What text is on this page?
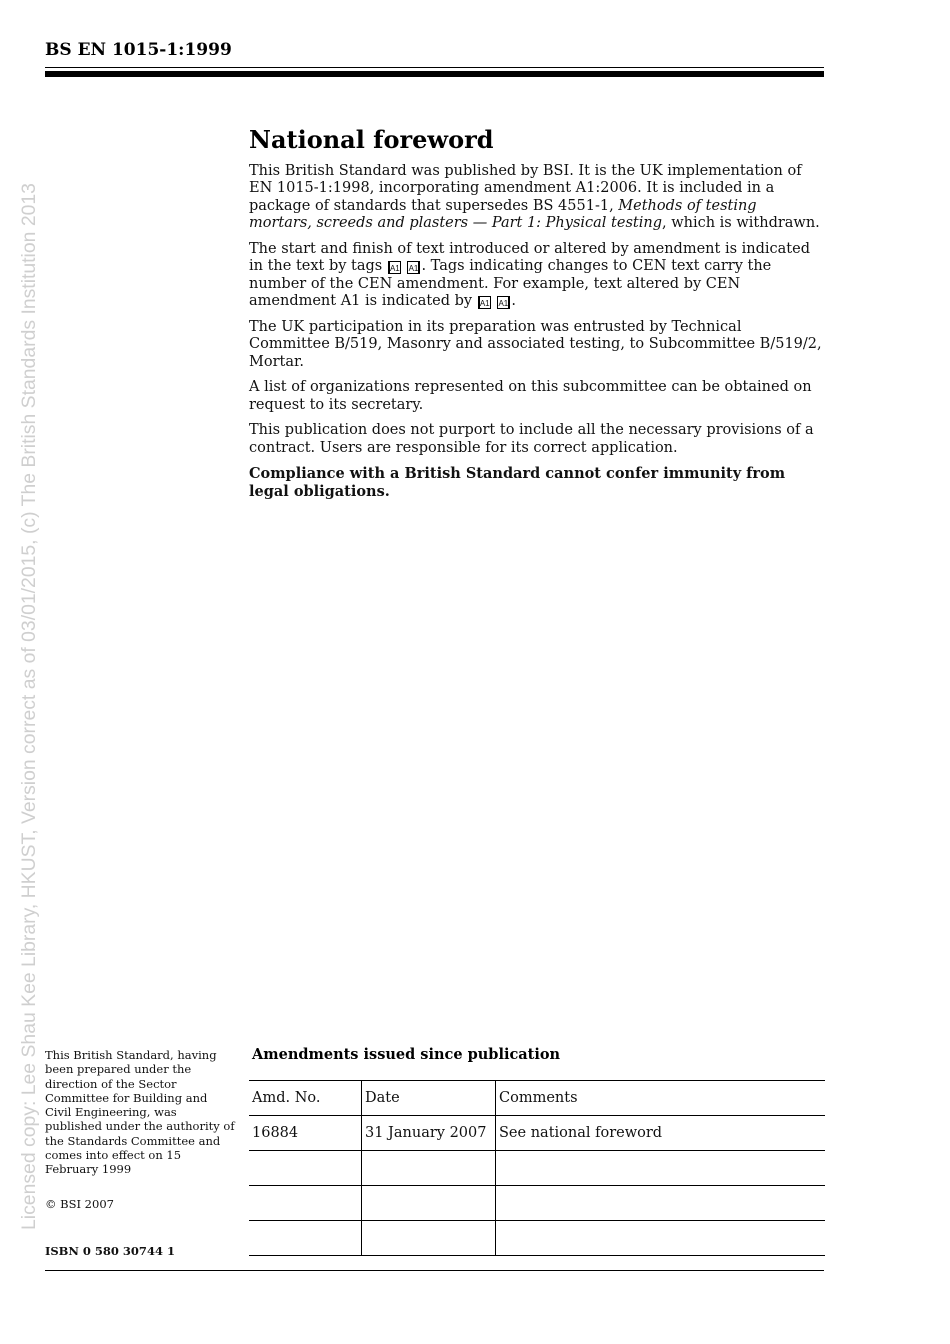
BS EN 1015-1:1999
Licensed copy: Lee Shau Kee Library, HKUST, Version correct as of 03/01/2015, (c) The British Standards Institution 2013
National foreword

This British Standard was published by BSI. It is the UK implementation of EN 1015-1:1998, incorporating amendment A1:2006. It is included in a package of standards that supersedes BS 4551-1, Methods of testing mortars, screeds and plasters — Part 1: Physical testing, which is withdrawn.

The start and finish of text introduced or altered by amendment is indicated in the text by tags A1 A1 . Tags indicating changes to CEN text carry the number of the CEN amendment. For example, text altered by CEN amendment A1 is indicated by A1 A1 .

The UK participation in its preparation was entrusted by Technical Committee B/519, Masonry and associated testing, to Subcommittee B/519/2, Mortar.

A list of organizations represented on this subcommittee can be obtained on request to its secretary.

This publication does not purport to include all the necessary provisions of a contract. Users are responsible for its correct application.

Compliance with a British Standard cannot confer immunity from legal obligations.

This British Standard, having been prepared under the direction of the Sector Committee for Building and Civil Engineering, was published under the authority of the Standards Committee and comes into effect on 15 February 1999
© BSI 2007
ISBN 0 580 30744 1
Amendments issued since publication
Amd. No.	Date	Comments
16884	31 January 2007	See national foreword
